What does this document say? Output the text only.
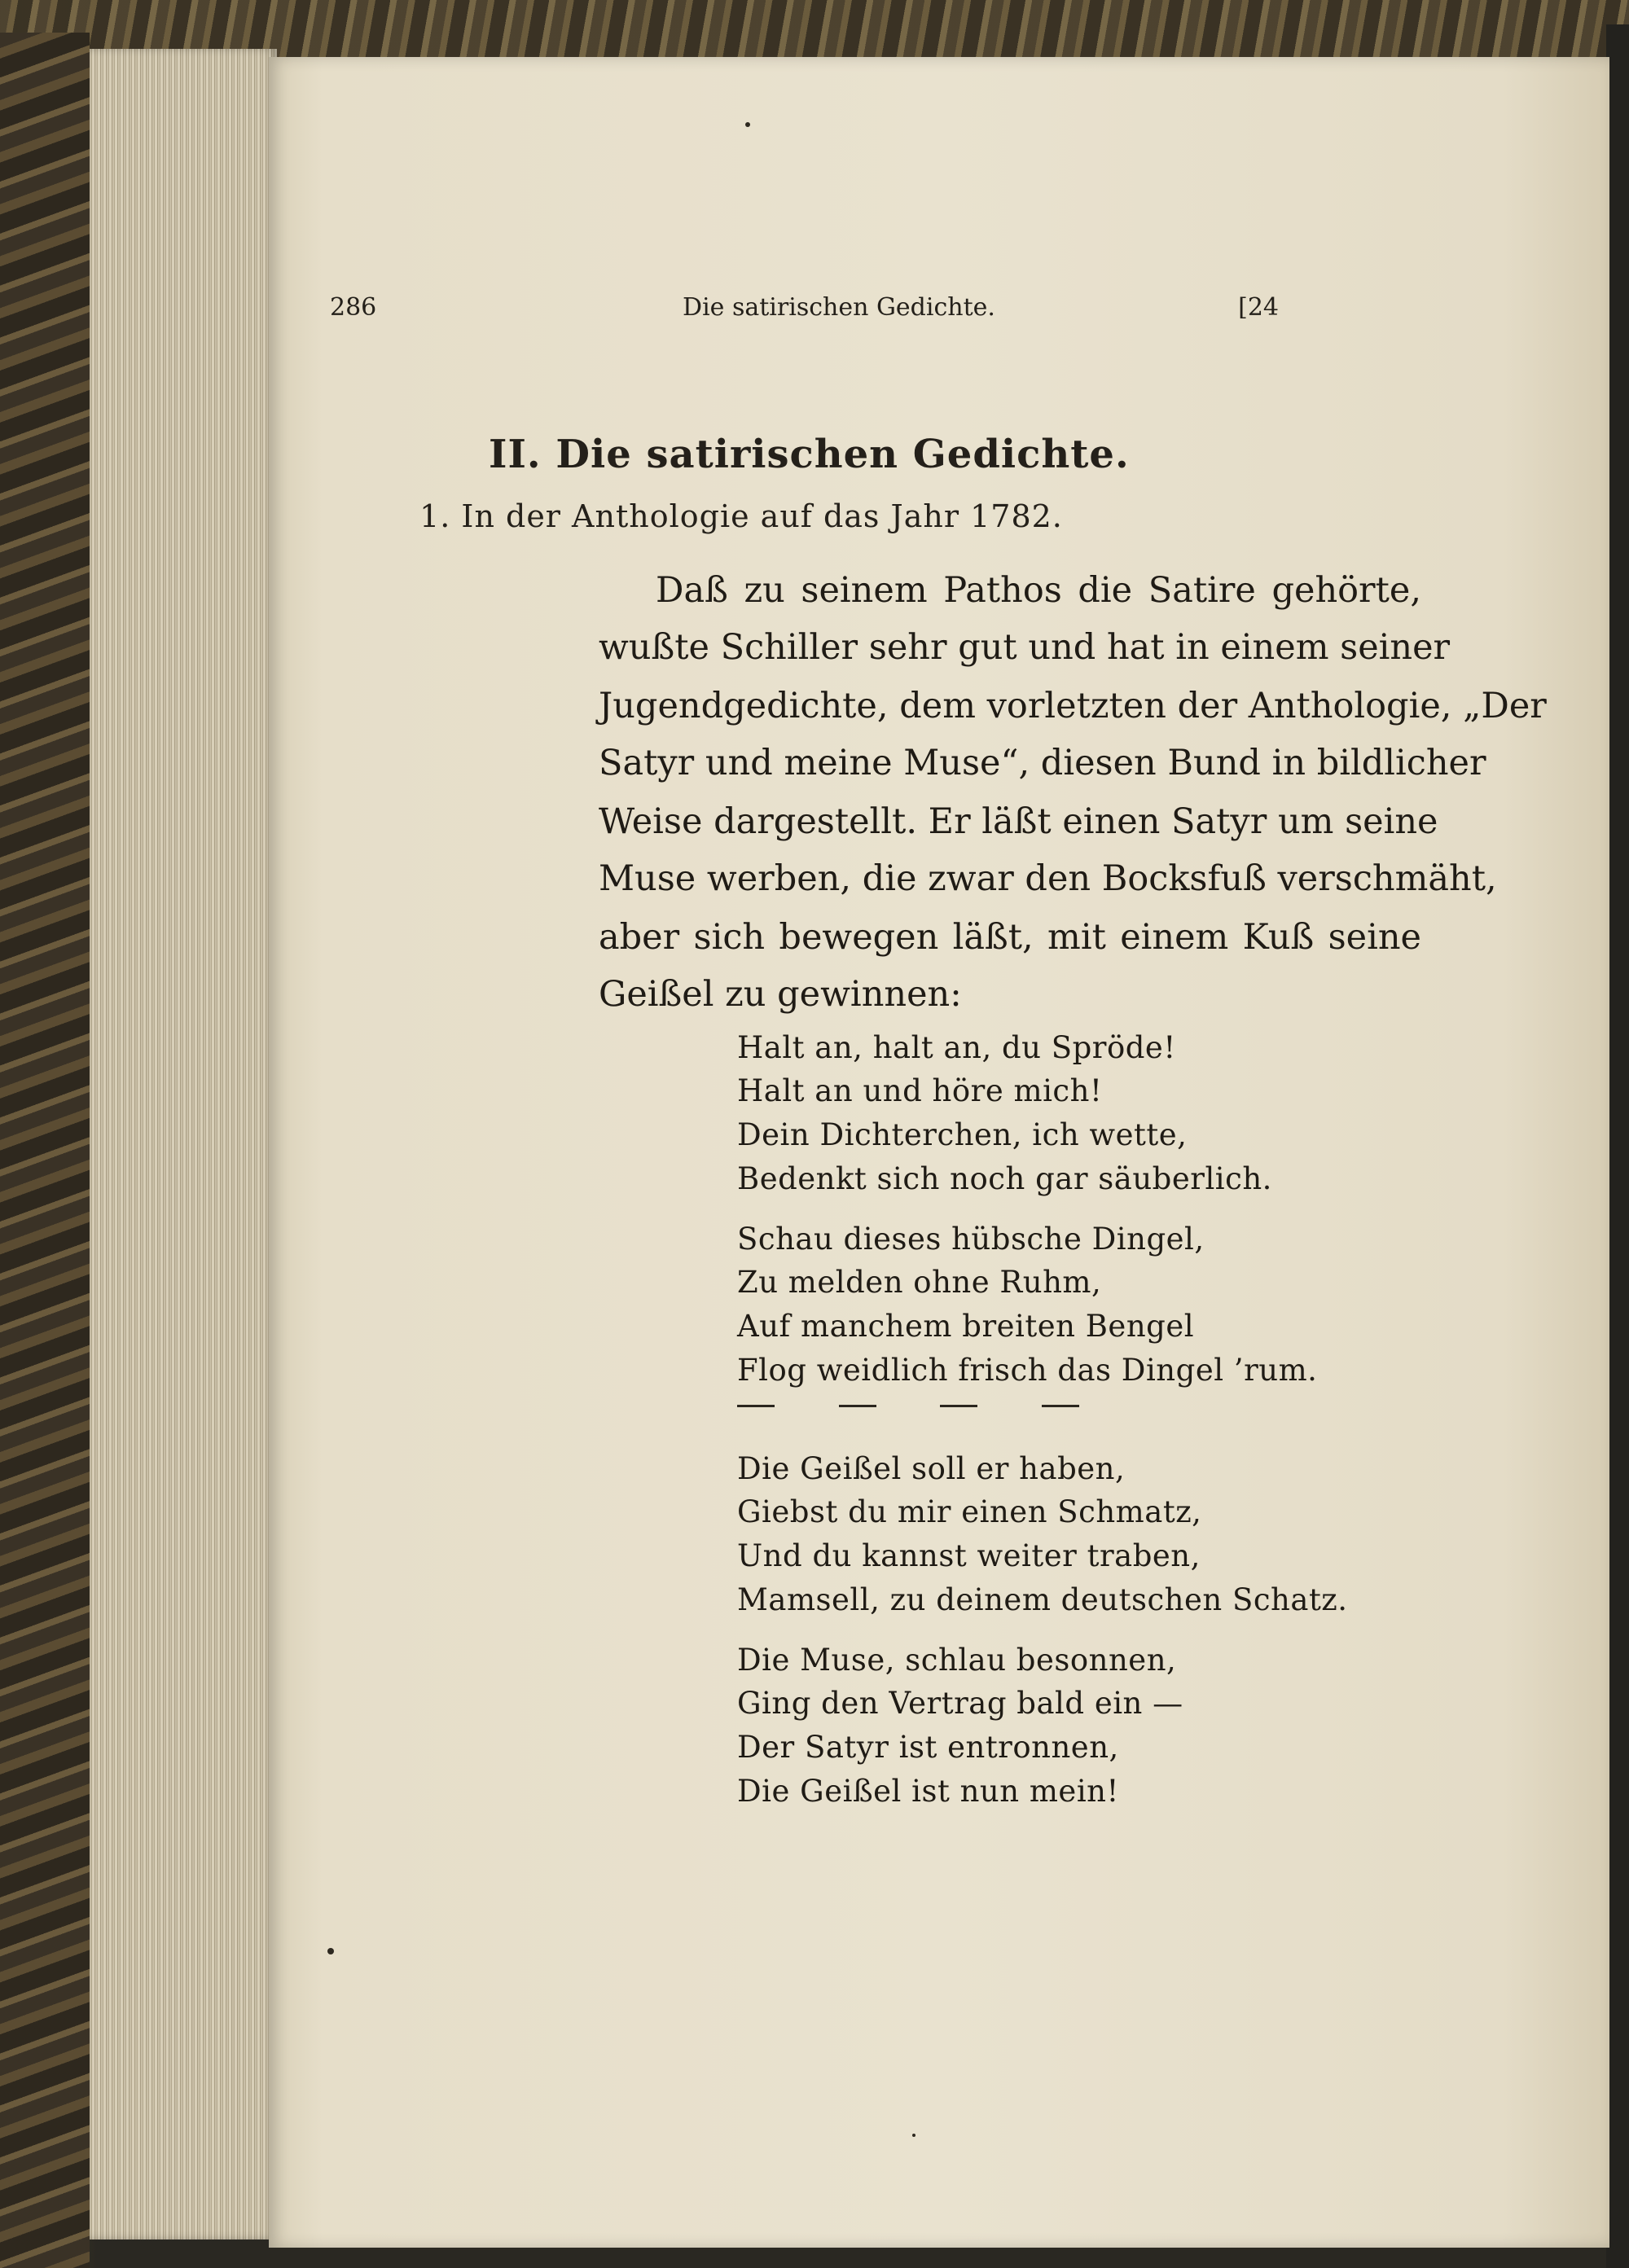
286	Die satirischen Gedichte.	[24
II. Die satirischen Gedichte.
1. In der Anthologie auf das Jahr 1782.
Daß zu seinem Pathos die Satire gehörte,
wußte Schiller sehr gut und hat in einem seiner
Jugendgedichte, dem vorletzten der Anthologie, „Der
Satyr und meine Muse“, diesen Bund in bildlicher
Weise dargestellt. Er läßt einen Satyr um seine
Muse werben, die zwar den Bocksfuß verschmäht,
aber sich bewegen läßt, mit einem Kuß seine
Geißel zu gewinnen:
Halt an, halt an, du Spröde!
Halt an und höre mich!
Dein Dichterchen, ich wette,
Bedenkt sich noch gar säuberlich.
Schau dieses hübsche Dingel,
Zu melden ohne Ruhm,
Auf manchem breiten Bengel
Flog weidlich frisch das Dingel ’rum.
Die Geißel soll er haben,
Giebst du mir einen Schmatz,
Und du kannst weiter traben,
Mamsell, zu deinem deutschen Schatz.
Die Muse, schlau besonnen,
Ging den Vertrag bald ein —
Der Satyr ist entronnen,
Die Geißel ist nun mein!
